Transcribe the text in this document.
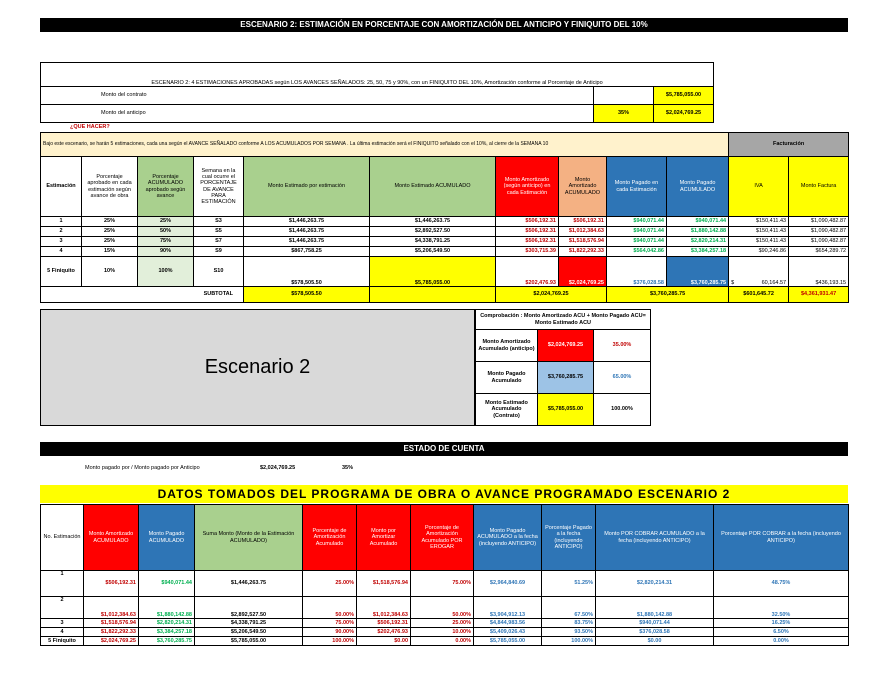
ESCENARIO 2: ESTIMACIÓN EN PORCENTAJE CON AMORTIZACIÓN DEL ANTICIPO Y FINIQUITO DEL 10%
ESCENARIO 2: 4 ESTIMACIONES APROBADAS según LOS AVANCES SEÑALADOS: 25, 50, 75 y 90%, con un FINIQUITO DEL 10%, Amortización conforme al Porcentaje de Anticipo		
Monto del contrato		$5,785,055.00
Monto del anticipo	35%	$2,024,769.25
¿QUE HACER?
Bajo este escenario, se harán 5 estimaciones, cada una según el AVANCE SEÑALADO conforme A LOS ACUMULADOS POR SEMANA . La última estimación será el FINIQUITO señalado con el 10%, al cierre de la SEMANA 10										Facturación	
Estimación	Porcentaje aprobado en cada estimación según avance de obra	Porcentaje ACUMULADO aprobado según avance	Semana en la cual ocurre el PORCENTAJE DE AVANCE PARA ESTIMACIÓN	Monto Estimado por estimación	Monto Estimado ACUMULADO	Monto Amortizado (según anticipo) en cada Estimación	Monto Amortizado ACUMULADO	Monto Pagado en cada Estimación	Monto Pagado ACUMULADO	IVA	Monto Factura
1	25%	25%	S3	$1,446,263.75	$1,446,263.75	$506,192.31	$506,192.31	$940,071.44	$940,071.44	$150,411.43	$1,090,482.87
2	25%	50%	S5	$1,446,263.75	$2,892,527.50	$506,192.31	$1,012,384.63	$940,071.44	$1,880,142.88	$150,411.43	$1,090,482.87
3	25%	75%	S7	$1,446,263.75	$4,338,791.25	$506,192.31	$1,518,576.94	$940,071.44	$2,820,214.31	$150,411.43	$1,090,482.87
4	15%	90%	S9	$867,758.25	$5,206,549.50	$303,715.39	$1,822,292.33	$564,042.86	$3,384,257.18	$90,246.86	$654,289.72
5 Finiquito	10%	100%	S10	$578,505.50	$5,785,055.00	$202,476.93	$2,024,769.25	$376,028.58	$3,760,285.75	$ 60,164.57	$436,193.15
SUBTOTAL				$578,505.50		$2,024,769.25		$3,760,285.75		$601,645.72	$4,361,931.47
Escenario 2
Comprobación : Monto Amortizado ACU + Monto Pagado ACU= Monto Estimado ACU		
Monto Amortizado Acumulado (anticipo)	$2,024,769.25	35.00%
Monto Pagado Acumulado	$3,760,285.75	65.00%
Monto Estimado Acumulado (Contrato)	$5,785,055.00	100.00%
ESTADO DE CUENTA
Monto pagado por / Monto pagado por Anticipo	$2,024,769.25	35%
DATOS TOMADOS DEL PROGRAMA DE OBRA O AVANCE PROGRAMADO ESCENARIO 2
No. Estimación	Monto Amortizado ACUMULADO	Monto Pagado ACUMULADO	Suma Monto (Monto de la Estimación ACUMULADO)	Porcentaje de Amortización Acumulado	Monto por Amortizar Acumulado	Porcentaje de Amortización Acumulado POR EROGAR	Monto Pagado ACUMULADO a la fecha (incluyendo ANTICIPO)	Porcentaje Pagado a la fecha (incluyendo ANTICIPO)	Monto POR COBRAR ACUMULADO a la fecha (incluyendo ANTICIPO)	Porcentaje POR COBRAR a la fecha (incluyendo ANTICIPO)
1	$506,192.31	$940,071.44	$1,446,263.75	25.00%	$1,518,576.94	75.00%	$2,964,840.69	51.25%	$2,820,214.31	48.75%
2	$1,012,384.63	$1,880,142.88	$2,892,527.50	50.00%	$1,012,384.63	50.00%	$3,904,912.13	67.50%	$1,880,142.88	32.50%
3	$1,518,576.94	$2,820,214.31	$4,338,791.25	75.00%	$506,192.31	25.00%	$4,844,983.56	83.75%	$940,071.44	16.25%
4	$1,822,292.33	$3,384,257.18	$5,206,549.50	90.00%	$202,476.93	10.00%	$5,409,026.43	93.50%	$376,028.58	6.50%
5 Finiquito	$2,024,769.25	$3,760,285.75	$5,785,055.00	100.00%	$0.00	0.00%	$5,785,055.00	100.00%	$0.00	0.00%
